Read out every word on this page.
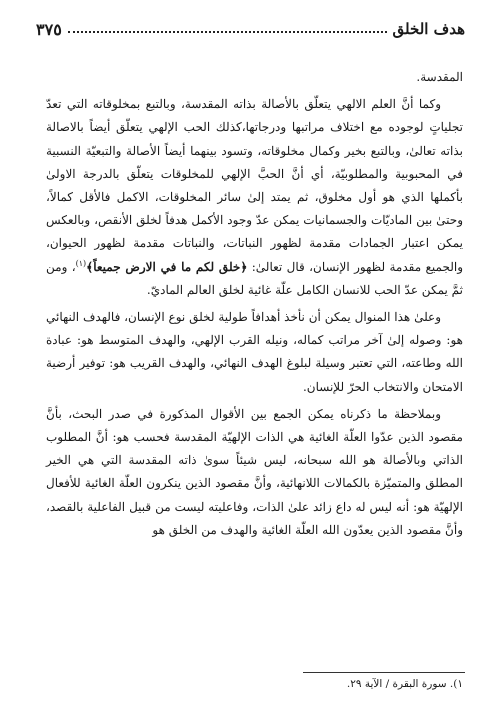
هدف الخلق
٣٧٥

المقدسة.

وكما أنَّ العلم الالهي يتعلّق بالأصالة بذاته المقدسة، وبالتبع بمخلوقاته التي تعدّ تجلياتٍ لوجوده مع اختلاف مراتبها ودرجاتها،كذلك الحب الإلهي يتعلّق أيضاً بالاصالة بذاته تعالىٰ، وبالتبع بخير وكمال مخلوقاته، وتسود بينهما أيضاً الأصالة والتبعيّة النسبية في المحبوبية والمطلوبيّة، أي أنَّ الحبَّ الإلهي للمخلوقات يتعلّق بالدرجة الاولىٰ بأكملها الذي هو أول مخلوق، ثم يمتد إلىٰ سائر المخلوقات، الاكمل فالأقل كمالاً، وحتىٰ بين الماديّات والجسمانيات يمكن عدّ وجود الأكمل هدفاً لخلق الأنقص، وبالعكس يمكن اعتبار الجمادات مقدمة لظهور النباتات، والنباتات مقدمة لظهور الحيوان، والجميع مقدمة لظهور الإنسان، قال تعالىٰ: ﴿خلق لكم ما في الارض جميعاً﴾$^{(١)}$، ومن ثمَّ يمكن عدّ الحب للانسان الكامل علّة غائية لخلق العالم الماديّ.

وعلىٰ هذا المنوال يمكن أن نأخذ أهدافاً طولية لخلق نوع الإنسان، فالهدف النهائي هو: وصوله إلىٰ آخر مراتب كماله، ونيله القرب الإلهي، والهدف المتوسط هو: عبادة الله وطاعته، التي تعتبر وسيلة لبلوغ الهدف النهائي، والهدف القريب هو: توفير أرضية الامتحان والانتخاب الحرّ للإنسان.

وبملاحظة ما ذكرناه يمكن الجمع بين الأقوال المذكورة في صدر البحث، بأنَّ مقصود الذين عدّوا العلّة الغائية هي الذات الإلهيّة المقدسة فحسب هو: أنَّ المطلوب الذاتي وبالأصالة هو الله سبحانه، ليس شيئاً سوىٰ ذاته المقدسة التي هي الخير المطلق والمتميّزة بالكمالات اللانهائية، وأنَّ مقصود الذين ينكرون العلّة الغائية للأفعال الإلهيّة هو: أنه ليس له داع زائد علىٰ الذات، وفاعليته ليست من قبيل الفاعلية بالقصد، وأنَّ مقصود الذين يعدّون الله العلّة الغائية والهدف من الخلق هو

١). سورة البقرة / الآية ٢٩.
